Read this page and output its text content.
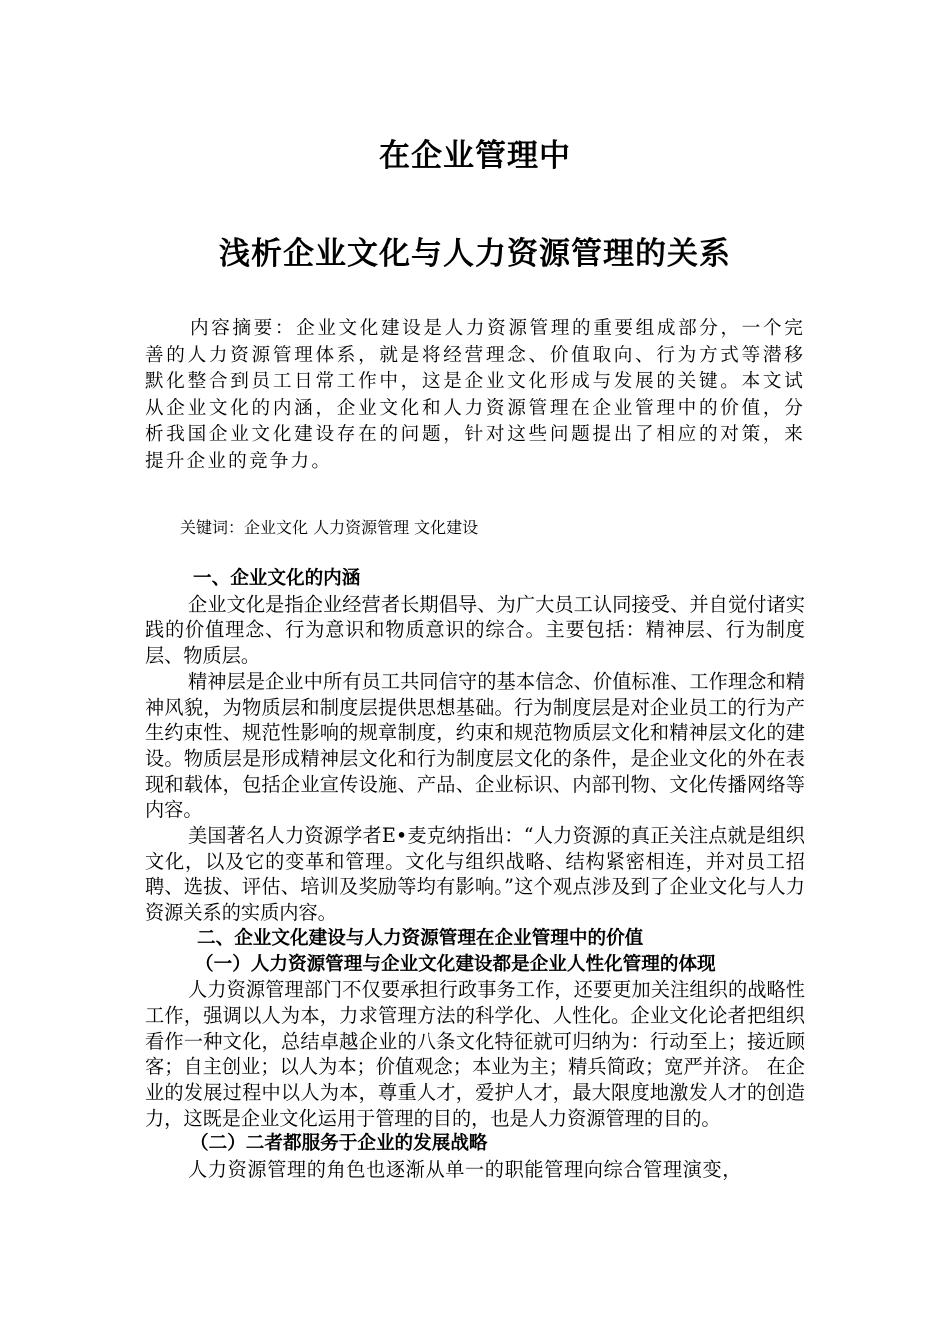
在企业管理中
浅析企业文化与人力资源管理的关系
内容摘要：企业文化建设是人力资源管理的重要组成部分，一个完善的人力资源管理体系，就是将经营理念、价值取向、行为方式等潜移默化整合到员工日常工作中，这是企业文化形成与发展的关键。本文试从企业文化的内涵，企业文化和人力资源管理在企业管理中的价值，分析我国企业文化建设存在的问题，针对这些问题提出了相应的对策，来提升企业的竞争力。
关键词：企业文化 人力资源管理 文化建设
一、企业文化的内涵

企业文化是指企业经营者长期倡导、为广大员工认同接受、并自觉付诸实践的价值理念、行为意识和物质意识的综合。主要包括：精神层、行为制度层、物质层。

精神层是企业中所有员工共同信守的基本信念、价值标准、工作理念和精神风貌，为物质层和制度层提供思想基础。行为制度层是对企业员工的行为产生约束性、规范性影响的规章制度，约束和规范物质层文化和精神层文化的建设。物质层是形成精神层文化和行为制度层文化的条件，是企业文化的外在表现和载体，包括企业宣传设施、产品、企业标识、内部刊物、文化传播网络等内容。

美国著名人力资源学者E•麦克纳指出：“人力资源的真正关注点就是组织文化，以及它的变革和管理。文化与组织战略、结构紧密相连，并对员工招聘、选拔、评估、培训及奖励等均有影响。”这个观点涉及到了企业文化与人力资源关系的实质内容。

二、企业文化建设与人力资源管理在企业管理中的价值
（一）人力资源管理与企业文化建设都是企业人性化管理的体现

人力资源管理部门不仅要承担行政事务工作，还要更加关注组织的战略性工作，强调以人为本，力求管理方法的科学化、人性化。企业文化论者把组织看作一种文化，总结卓越企业的八条文化特征就可归纳为：行动至上；接近顾客；自主创业；以人为本；价值观念；本业为主；精兵简政；宽严并济。 在企业的发展过程中以人为本，尊重人才，爱护人才，最大限度地激发人才的创造力，这既是企业文化运用于管理的目的，也是人力资源管理的目的。

（二）二者都服务于企业的发展战略

人力资源管理的角色也逐渐从单一的职能管理向综合管理演变，
